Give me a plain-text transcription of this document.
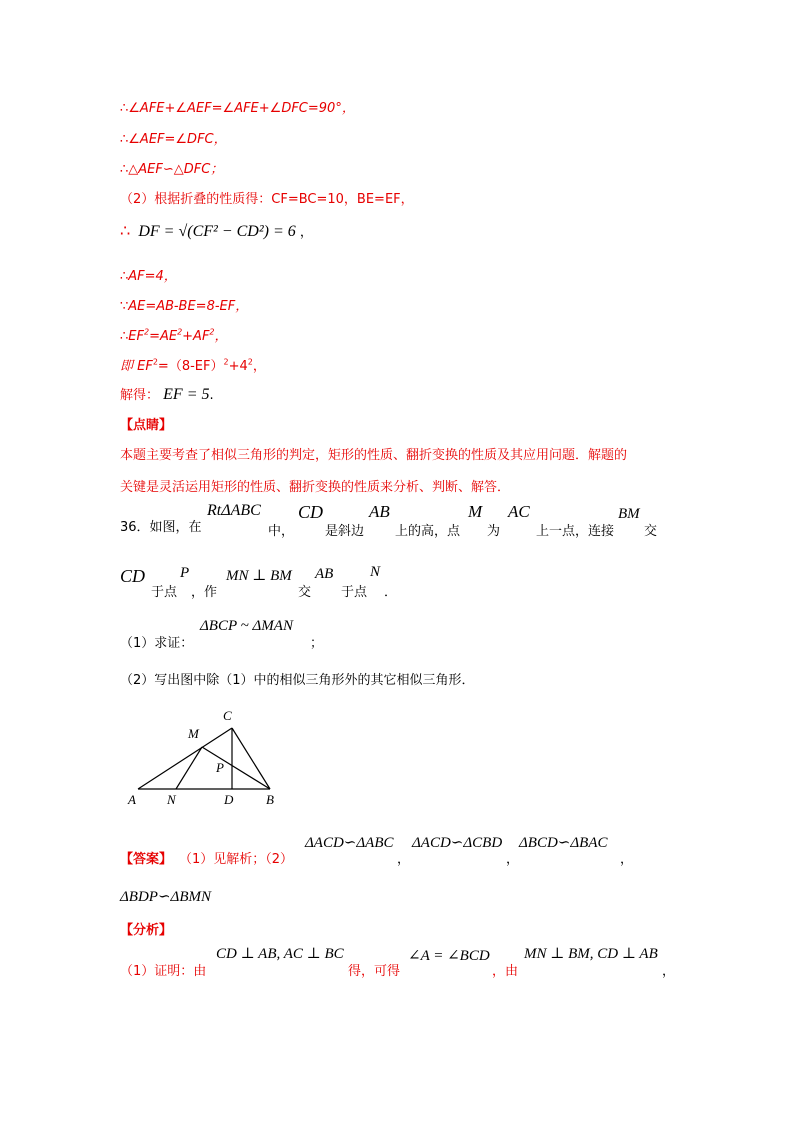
∴∠AFE+∠AEF=∠AFE+∠DFC=90°，
∴∠AEF=∠DFC，
∴△AEF∽△DFC；
（2）根据折叠的性质得：CF=BC=10，BE=EF，
∴ DF = √(CF² − CD²) = 6 ，
∴AF=4，
∵AE=AB-BE=8-EF，
$\therefore EF^2=AE^2+AF^2$，
即 $EF^2=(8-EF)^2+4^2$，
解得： EF = 5.
【点睛】
本题主要考查了相似三角形的判定，矩形的性质、翻折变换的性质及其应用问题．解题的
关键是灵活运用矩形的性质、翻折变换的性质来分析、判断、解答．
36．如图，在
RtΔABC
中，
CD
是斜边
AB
上的高，点
M
为
AC
上一点，连接
BM
交
CD
于点
P
，作
MN ⊥ BM
交
AB
于点
N
．
（1）求证：
ΔBCP ~ ΔMAN
；
（2）写出图中除（1）中的相似三角形外的其它相似三角形．
A N	D	B
C
M
P
【答案】 （1）见解析；（2）
ΔACD∽ΔABC
，
ΔACD∽ΔCBD
，
ΔBCD∽ΔBAC
，
ΔBDP∽ΔBMN
【分析】
（1）证明：由
CD ⊥ AB, AC ⊥ BC
得，可得
∠A = ∠BCD
，由
MN ⊥ BM, CD ⊥ AB
，
